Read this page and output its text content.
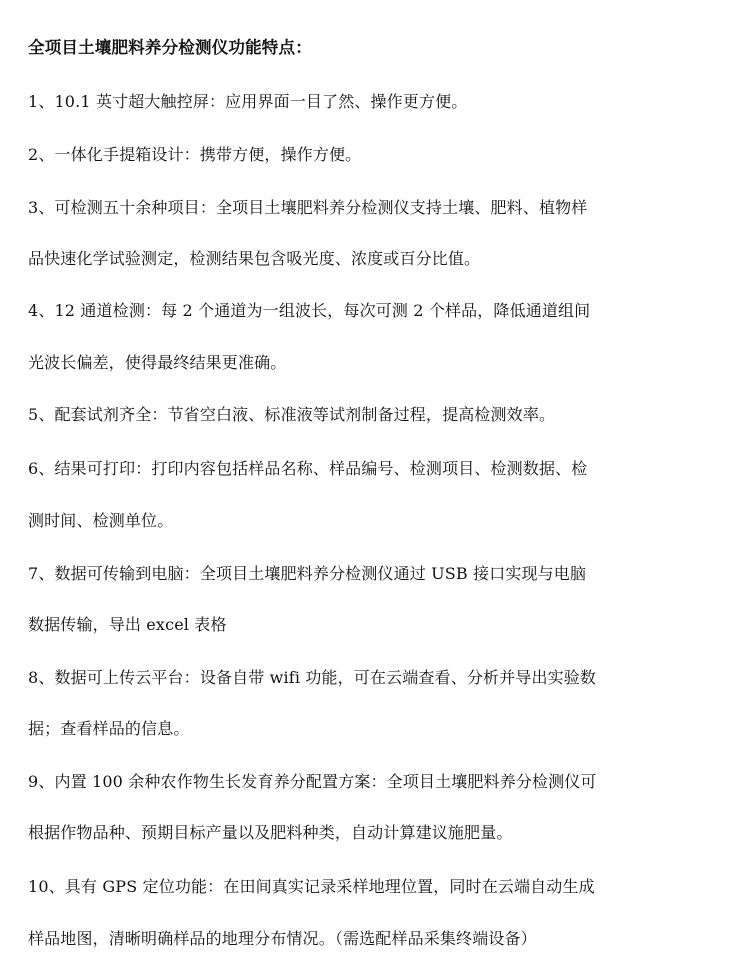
全项目土壤肥料养分检测仪功能特点：
1、10.1 英寸超大触控屏：应用界面一目了然、操作更方便。
2、一体化手提箱设计：携带方便，操作方便。
3、可检测五十余种项目：全项目土壤肥料养分检测仪支持土壤、肥料、植物样
品快速化学试验测定，检测结果包含吸光度、浓度或百分比值。
4、12 通道检测：每 2 个通道为一组波长，每次可测 2 个样品，降低通道组间
光波长偏差，使得最终结果更准确。
5、配套试剂齐全：节省空白液、标准液等试剂制备过程，提高检测效率。
6、结果可打印：打印内容包括样品名称、样品编号、检测项目、检测数据、检
测时间、检测单位。
7、数据可传输到电脑：全项目土壤肥料养分检测仪通过 USB 接口实现与电脑
数据传输，导出 excel 表格
8、数据可上传云平台：设备自带 wifi 功能，可在云端查看、分析并导出实验数
据；查看样品的信息。
9、内置 100 余种农作物生长发育养分配置方案：全项目土壤肥料养分检测仪可
根据作物品种、预期目标产量以及肥料种类，自动计算建议施肥量。
10、具有 GPS 定位功能：在田间真实记录采样地理位置，同时在云端自动生成
样品地图，清晰明确样品的地理分布情况。（需选配样品采集终端设备）
